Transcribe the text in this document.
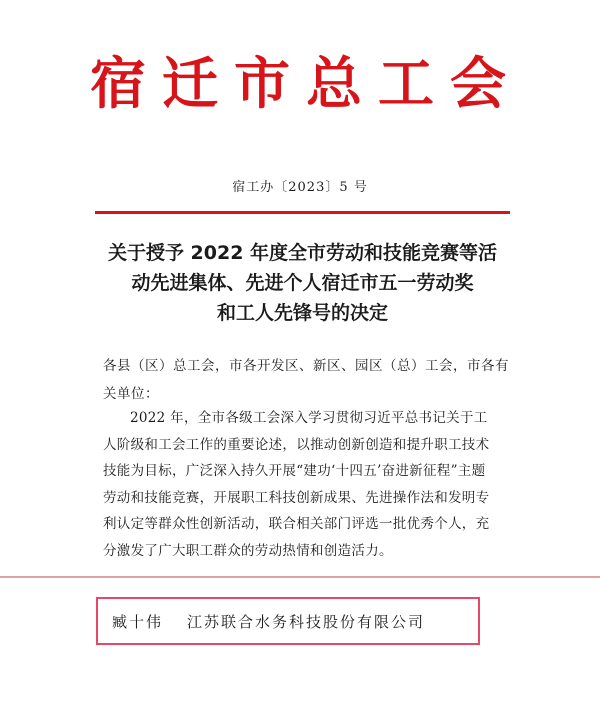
宿迁市总工会
宿工办〔2023〕5 号
关于授予 2022 年度全市劳动和技能竞赛等活
动先进集体、先进个人宿迁市五一劳动奖
和工人先锋号的决定
各县（区）总工会，市各开发区、新区、园区（总）工会，市各有关单位：
2022 年，全市各级工会深入学习贯彻习近平总书记关于工
人阶级和工会工作的重要论述，以推动创新创造和提升职工技术
技能为目标，广泛深入持久开展“建功‘十四五’奋进新征程”主题
劳动和技能竞赛，开展职工科技创新成果、先进操作法和发明专
利认定等群众性创新活动，联合相关部门评选一批优秀个人，充
分激发了广大职工群众的劳动热情和创造活力。
臧十伟 江苏联合水务科技股份有限公司
